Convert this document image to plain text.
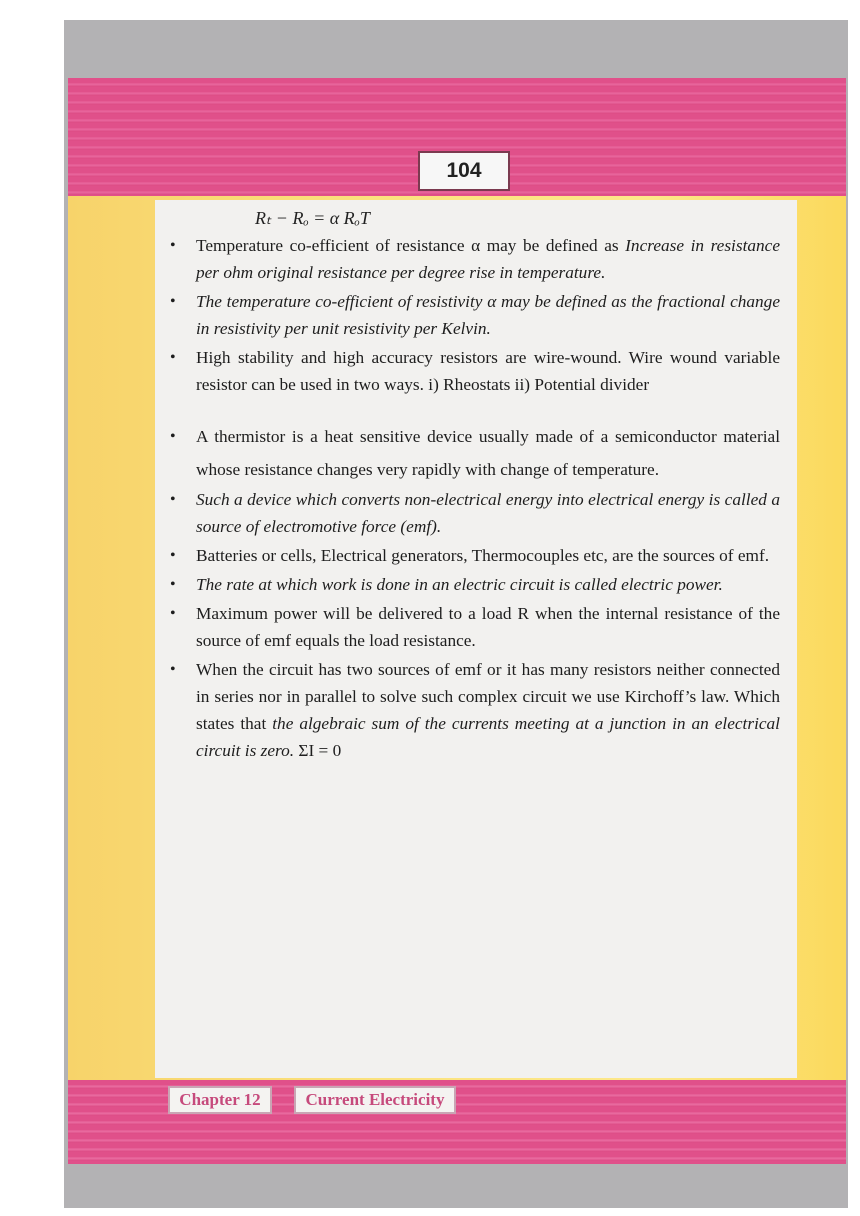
104
Rₜ − Rₒ = α RₒT
• Temperature co-efficient of resistance α may be defined as Increase in resistance per ohm original resistance per degree rise in temperature.
• The temperature co-efficient of resistivity α may be defined as the fractional change in resistivity per unit resistivity per Kelvin.
• High stability and high accuracy resistors are wire-wound. Wire wound variable resistor can be used in two ways. i) Rheostats ii) Potential divider
• A thermistor is a heat sensitive device usually made of a semiconductor material whose resistance changes very rapidly with change of temperature.
• Such a device which converts non-electrical energy into electrical energy is called a source of electromotive force (emf).
• Batteries or cells, Electrical generators, Thermocouples etc, are the sources of emf.
• The rate at which work is done in an electric circuit is called electric power.
• Maximum power will be delivered to a load R when the internal resistance of the source of emf equals the load resistance.
• When the circuit has two sources of emf or it has many resistors neither connected in series nor in parallel to solve such complex circuit we use Kirchoff’s law. Which states that the algebraic sum of the currents meeting at a junction in an electrical circuit is zero. ΣI = 0
Chapter 12	Current Electricity
